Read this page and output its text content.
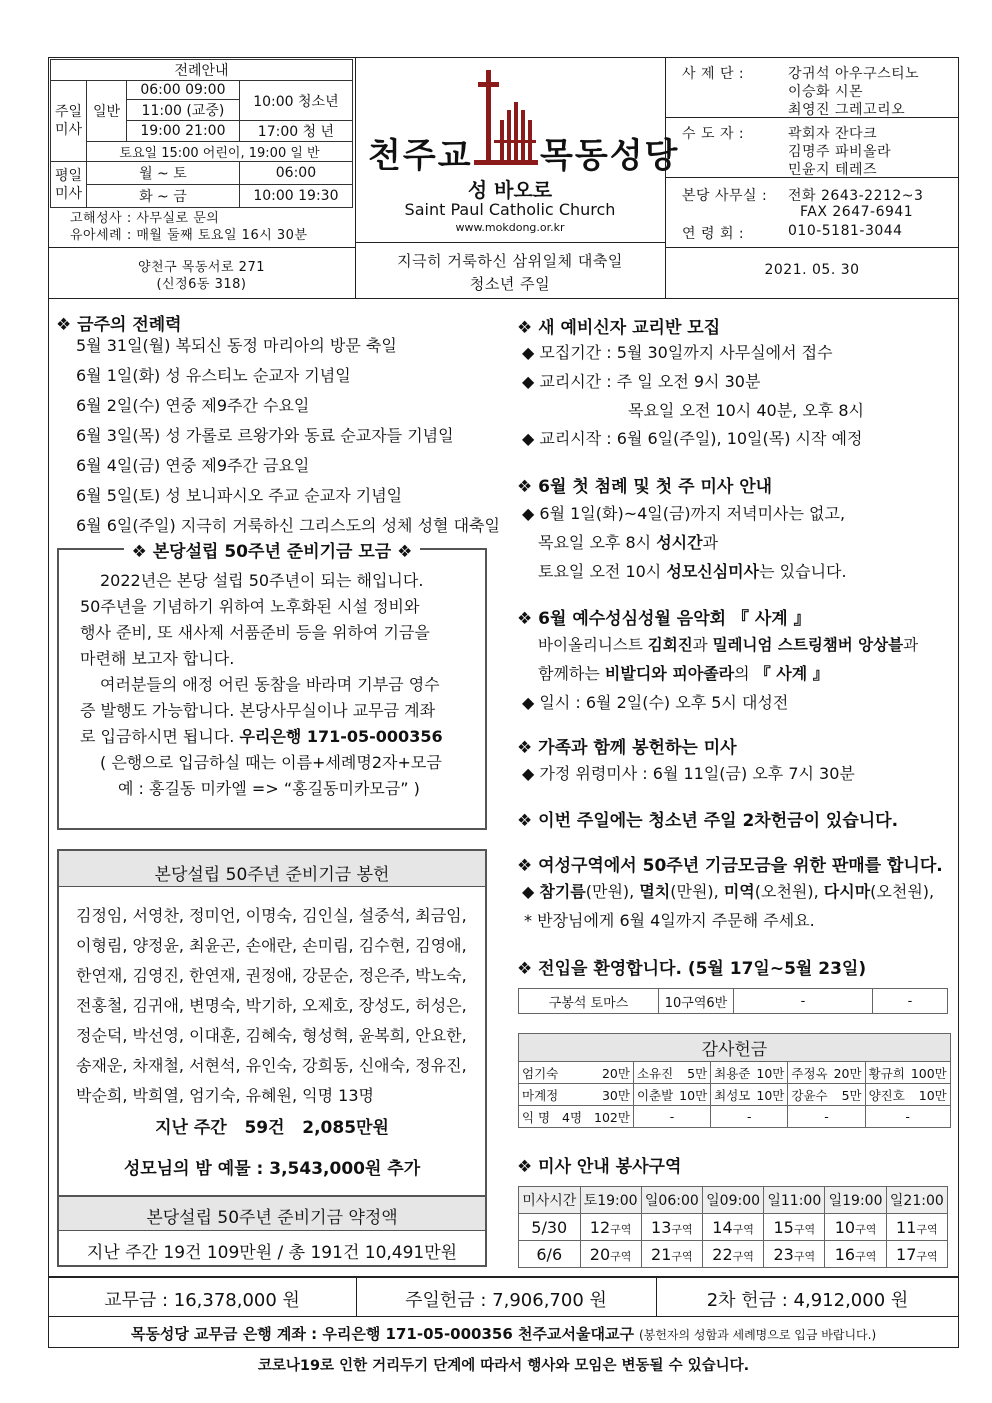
전례안내			
주일미사	일반	06:00 09:00	10:00 청소년
		11:00 (교중)	
		19:00 21:00	17:00 청 년
	토요일 15:00 어린이, 19:00 일 반		
평일미사	월 ~ 토		06:00
	화 ~ 금		10:00 19:30
고해성사 : 사무실로 문의
유아세례 : 매월 둘째 토요일 16시 30분
양천구 목동서로 271
(신정6동 318)
천주교 목동성당
성 바오로
Saint Paul Catholic Church
www.mokdong.or.kr
지극히 거룩하신 삼위일체 대축일
청소년 주일
사 제 단 :	강귀석 아우구스티노
이승화 시몬
최영진 그레고리오
수 도 자 :	곽회자 잔다크
김명주 파비올라
민윤지 테레즈
본당 사무실 : 전화 2643-2212~3
FAX 2647-6941
연 령 회 :	010-5181-3044
2021. 05. 30
❖ 금주의 전례력
5월 31일(월) 복되신 동정 마리아의 방문 축일
6월 1일(화) 성 유스티노 순교자 기념일
6월 2일(수) 연중 제9주간 수요일
6월 3일(목) 성 가롤로 르왕가와 동료 순교자들 기념일
6월 4일(금) 연중 제9주간 금요일
6월 5일(토) 성 보니파시오 주교 순교자 기념일
6월 6일(주일) 지극히 거룩하신 그리스도의 성체 성혈 대축일
❖ 본당설립 50주년 준비기금 모금 ❖
2022년은 본당 설립 50주년이 되는 해입니다.
50주년을 기념하기 위하여 노후화된 시설 정비와
행사 준비, 또 새사제 서품준비 등을 위하여 기금을
마련해 보고자 합니다.
여러분들의 애정 어린 동참을 바라며 기부금 영수
증 발행도 가능합니다. 본당사무실이나 교무금 계좌
로 입금하시면 됩니다. 우리은행 171-05-000356
( 은행으로 입금하실 때는 이름+세례명2자+모금
예 : 홍길동 미카엘 => “홍길동미카모금” )
본당설립 50주년 준비기금 봉헌
김정임, 서영찬, 정미언, 이명숙, 김인실, 설중석, 최금임,
이형림, 양정윤, 최윤곤, 손애란, 손미림, 김수현, 김영애,
한연재, 김영진, 한연재, 권정애, 강문순, 정은주, 박노숙,
전홍철, 김귀애, 변명숙, 박기하, 오제호, 장성도, 허성은,
정순덕, 박선영, 이대훈, 김혜숙, 형성혁, 윤복희, 안요한,
송재운, 차재철, 서현석, 유인숙, 강희동, 신애숙, 정유진,
박순희, 박희열, 엄기숙, 유혜원, 익명 13명
지난 주간   59건   2,085만원
성모님의 밤 예물 : 3,543,000원 추가
본당설립 50주년 준비기금 약정액
지난 주간 19건 109만원 / 총 191건 10,491만원
❖ 새 예비신자 교리반 모집
◆ 모집기간 : 5월 30일까지 사무실에서 접수
◆ 교리시간 : 주 일 오전 9시 30분
목요일 오전 10시 40분, 오후 8시
◆ 교리시작 : 6월 6일(주일), 10일(목) 시작 예정
❖ 6월 첫 첨례 및 첫 주 미사 안내
◆ 6월 1일(화)~4일(금)까지 저녁미사는 없고,
목요일 오후 8시 성시간과
토요일 오전 10시 성모신심미사는 있습니다.
❖ 6월 예수성심성월 음악회 『 사계 』
바이올리니스트 김회진과 밀레니엄 스트링챔버 앙상블과
함께하는 비발디와 피아졸라의 『 사계 』
◆ 일시 : 6월 2일(수) 오후 5시 대성전
❖ 가족과 함께 봉헌하는 미사
◆ 가정 위령미사 : 6월 11일(금) 오후 7시 30분
❖ 이번 주일에는 청소년 주일 2차헌금이 있습니다.
❖ 여성구역에서 50주년 기금모금을 위한 판매를 합니다.
◆ 참기름(만원), 멸치(만원), 미역(오천원), 다시마(오천원),
* 반장님에게 6월 4일까지 주문해 주세요.
❖ 전입을 환영합니다. (5월 17일~5월 23일)
구봉석 토마스	10구역6반	-	-
감사헌금									
엄기숙	20만	소유진	5만	최용준	10만	주정옥	20만	황규희	100만
마계정	30만	이춘발	10만	최성모	10만	강윤수	5만	양진호	10만
익 명   4명   102만		-		-		-		-	
❖ 미사 안내 봉사구역
미사시간	토19:00	일06:00	일09:00	일11:00	일19:00	일21:00
5/30	12구역	13구역	14구역	15구역	10구역	11구역
6/6	20구역	21구역	22구역	23구역	16구역	17구역
교무금 : 16,378,000 원	주일헌금 : 7,906,700 원	2차 헌금 : 4,912,000 원
목동성당 교무금 은행 계좌 : 우리은행 171-05-000356 천주교서울대교구 (봉헌자의 성함과 세례명으로 입금 바랍니다.)
코로나19로 인한 거리두기 단계에 따라서 행사와 모임은 변동될 수 있습니다.
